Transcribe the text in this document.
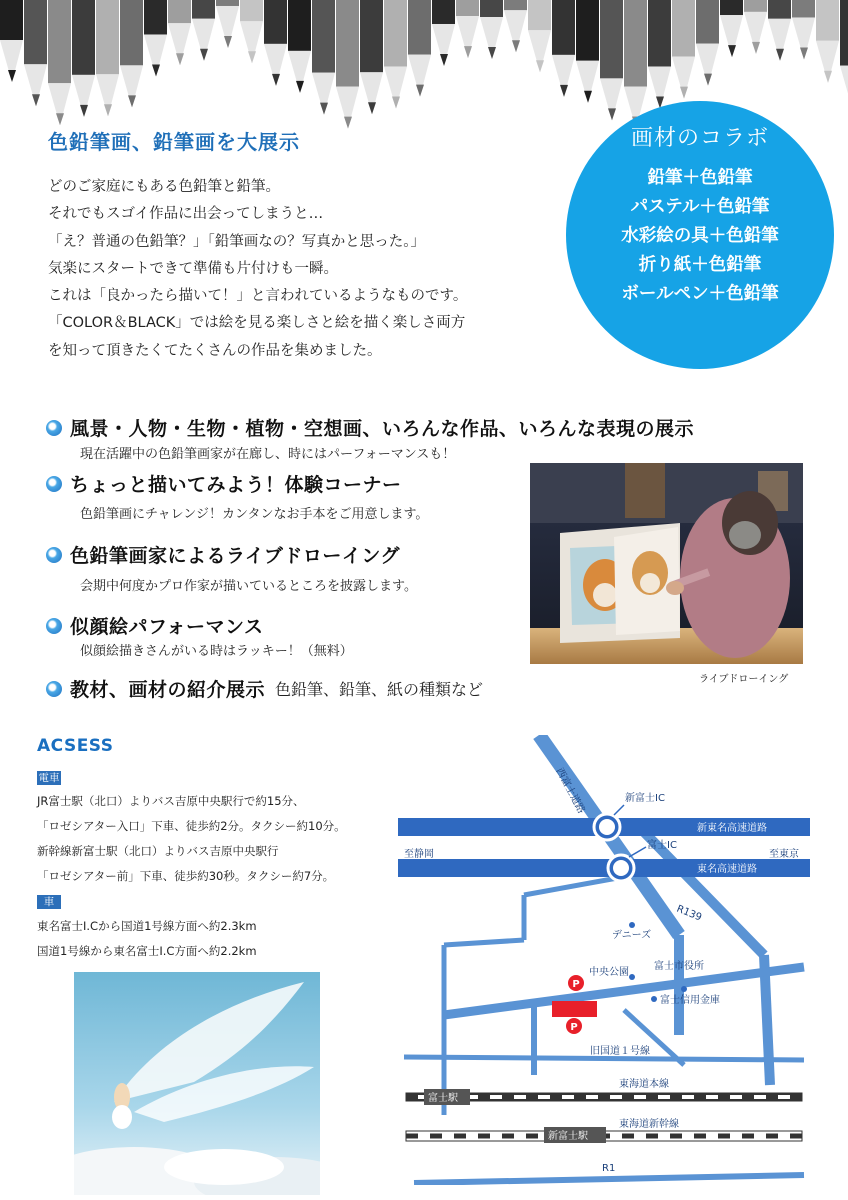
色鉛筆画、鉛筆画を大展示
どのご家庭にもある色鉛筆と鉛筆。
それでもスゴイ作品に出会ってしまうと…
「え？普通の色鉛筆？」「鉛筆画なの？写真かと思った。」
気楽にスタートできて準備も片付けも一瞬。
これは「良かったら描いて！」と言われているようなものです。
「COLOR＆BLACK」では絵を見る楽しさと絵を描く楽しさ両方
を知って頂きたくてたくさんの作品を集めました。
画材のコラボ
鉛筆＋色鉛筆
パステル＋色鉛筆
水彩絵の具＋色鉛筆
折り紙＋色鉛筆
ボールペン＋色鉛筆
風景・人物・生物・植物・空想画、いろんな作品、いろんな表現の展示
現在活躍中の色鉛筆画家が在廊し、時にはパーフォーマンスも！
ちょっと描いてみよう！体験コーナー
色鉛筆画にチャレンジ！カンタンなお手本をご用意します。
色鉛筆画家によるライブドローイング
会期中何度かプロ作家が描いているところを披露します。
似顔絵パフォーマンス
似顔絵描きさんがいる時はラッキー！（無料）
教材、画材の紹介展示 色鉛筆、鉛筆、紙の種類など
ライブドローイング
ACSESS
電車
JR富士駅（北口）よりバス吉原中央駅行で約15分、
「ロゼシアター入口」下車、徒歩約2分。タクシー約10分。
新幹線新富士駅（北口）よりバス吉原中央駅行
「ロゼシアター前」下車、徒歩約30秒。タクシー約7分。
車
東名富士I.Cから国道1号線方面へ約2.3km
国道1号線から東名富士I.C方面へ約2.2km
P
P
西富士道路	新富士IC
新東名高速道路
富士IC
至静岡	至東京
東名高速道路
R139
デニーズ
中央公園
富士市役所
富士信用金庫
旧国道１号線
東海道本線
富士駅
東海道新幹線
新富士駅
R1
